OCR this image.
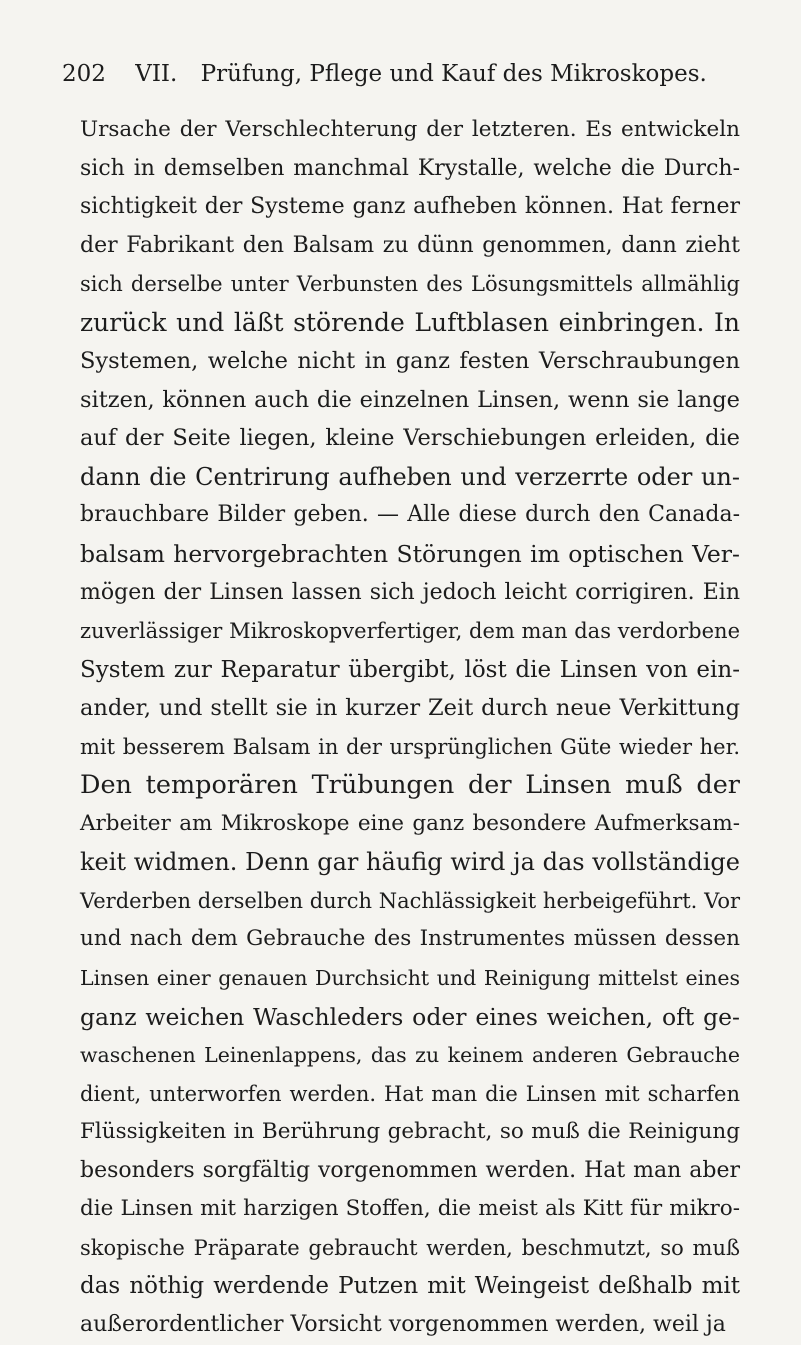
202 VII. Prüfung, Pflege und Kauf des Mikroskopes.
Ursache der Verschlechterung der letzteren. Es entwickeln
sich in demselben manchmal Krystalle, welche die Durch-
sichtigkeit der Systeme ganz aufheben können. Hat ferner
der Fabrikant den Balsam zu dünn genommen, dann zieht
sich derselbe unter Verbunsten des Lösungsmittels allmählig
zurück und läßt störende Luftblasen einbringen. In
Systemen, welche nicht in ganz festen Verschraubungen
sitzen, können auch die einzelnen Linsen, wenn sie lange
auf der Seite liegen, kleine Verschiebungen erleiden, die
dann die Centrirung aufheben und verzerrte oder un-
brauchbare Bilder geben. — Alle diese durch den Canada-
balsam hervorgebrachten Störungen im optischen Ver-
mögen der Linsen lassen sich jedoch leicht corrigiren. Ein
zuverlässiger Mikroskopverfertiger, dem man das verdorbene
System zur Reparatur übergibt, löst die Linsen von ein-
ander, und stellt sie in kurzer Zeit durch neue Verkittung
mit besserem Balsam in der ursprünglichen Güte wieder her.
Den temporären Trübungen der Linsen muß der
Arbeiter am Mikroskope eine ganz besondere Aufmerksam-
keit widmen. Denn gar häufig wird ja das vollständige
Verderben derselben durch Nachlässigkeit herbeigeführt. Vor
und nach dem Gebrauche des Instrumentes müssen dessen
Linsen einer genauen Durchsicht und Reinigung mittelst eines
ganz weichen Waschleders oder eines weichen, oft ge-
waschenen Leinenlappens, das zu keinem anderen Gebrauche
dient, unterworfen werden. Hat man die Linsen mit scharfen
Flüssigkeiten in Berührung gebracht, so muß die Reinigung
besonders sorgfältig vorgenommen werden. Hat man aber
die Linsen mit harzigen Stoffen, die meist als Kitt für mikro-
skopische Präparate gebraucht werden, beschmutzt, so muß
das nöthig werdende Putzen mit Weingeist deßhalb mit
außerordentlicher Vorsicht vorgenommen werden, weil ja
